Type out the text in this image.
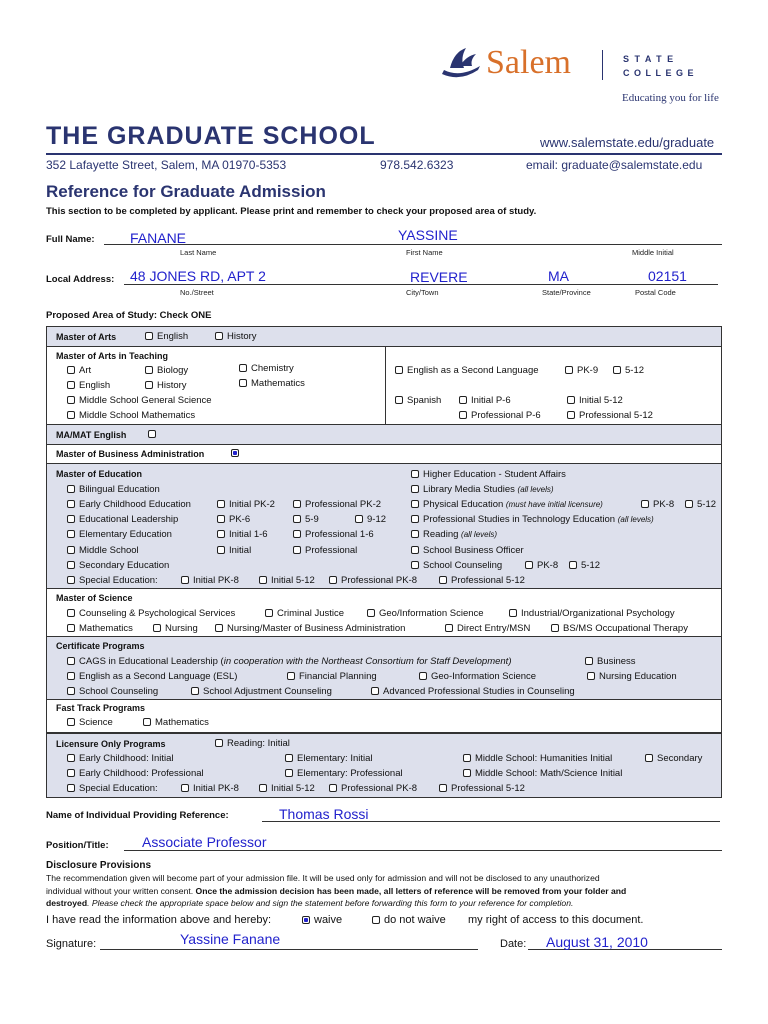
Salem	STATE
COLLEGE
Educating you for life
THE GRADUATE SCHOOL	www.salemstate.edu/graduate
352 Lafayette Street, Salem, MA 01970-5353	978.542.6323	email: graduate@salemstate.edu
Reference for Graduate Admission
This section to be completed by applicant. Please print and remember to check your proposed area of study.
Full Name:	FANANE	YASSINE
Last Name	First Name	Middle Initial
Local Address: 48 JONES RD, APT 2	REVERE	MA	02151
No./Street	City/Town	State/Province	Postal Code
Proposed Area of Study: Check ONE
Master of Arts	English	History
Master of Arts in Teaching
Art	Biology	Chemistry
English	History	Mathematics
Middle School General Science
Middle School Mathematics
English as a Second Language	PK-9	5-12
Spanish	Initial P-6	Initial 5-12
Professional P-6	Professional 5-12
MA/MAT English
Master of Business Administration
Master of Education
Bilingual Education
Early Childhood Education	Initial PK-2	Professional PK-2
Educational Leadership	PK-6	5-9	9-12
Elementary Education	Initial 1-6	Professional 1-6
Middle School	Initial	Professional
Secondary Education
Special Education:	Initial PK-8	Initial 5-12	Professional PK-8	Professional 5-12
Higher Education - Student Affairs
Library Media Studies (all levels)
Physical Education (must have initial licensure)	PK-8	5-12
Professional Studies in Technology Education (all levels)
Reading (all levels)
School Business Officer
School Counseling	PK-8	5-12
Master of Science
Counseling & Psychological Services	Criminal Justice	Geo/Information Science	Industrial/Organizational Psychology
Mathematics	Nursing	Nursing/Master of Business Administration	Direct Entry/MSN	BS/MS Occupational Therapy
Certificate Programs
CAGS in Educational Leadership (in cooperation with the Northeast Consortium for Staff Development)	Business
English as a Second Language (ESL)	Financial Planning	Geo-Information Science	Nursing Education
School Counseling	School Adjustment Counseling	Advanced Professional Studies in Counseling
Fast Track Programs
Science	Mathematics
Licensure Only Programs	Reading: Initial
Early Childhood: Initial	Elementary: Initial	Middle School: Humanities Initial	Secondary
Early Childhood: Professional	Elementary: Professional	Middle School: Math/Science Initial
Special Education:	Initial PK-8	Initial 5-12	Professional PK-8	Professional 5-12
Name of Individual Providing Reference:	Thomas Rossi
Position/Title: Associate Professor
Disclosure Provisions
The recommendation given will become part of your admission file. It will be used only for admission and will not be disclosed to any unauthorized
individual without your written consent. Once the admission decision has been made, all letters of reference will be removed from your folder and
destroyed. Please check the appropriate space below and sign the statement before forwarding this form to your reference for completion.
I have read the information above and hereby:	waive	do not waive my right of access to this document.
Signature:	Yassine Fanane	Date: August 31, 2010
